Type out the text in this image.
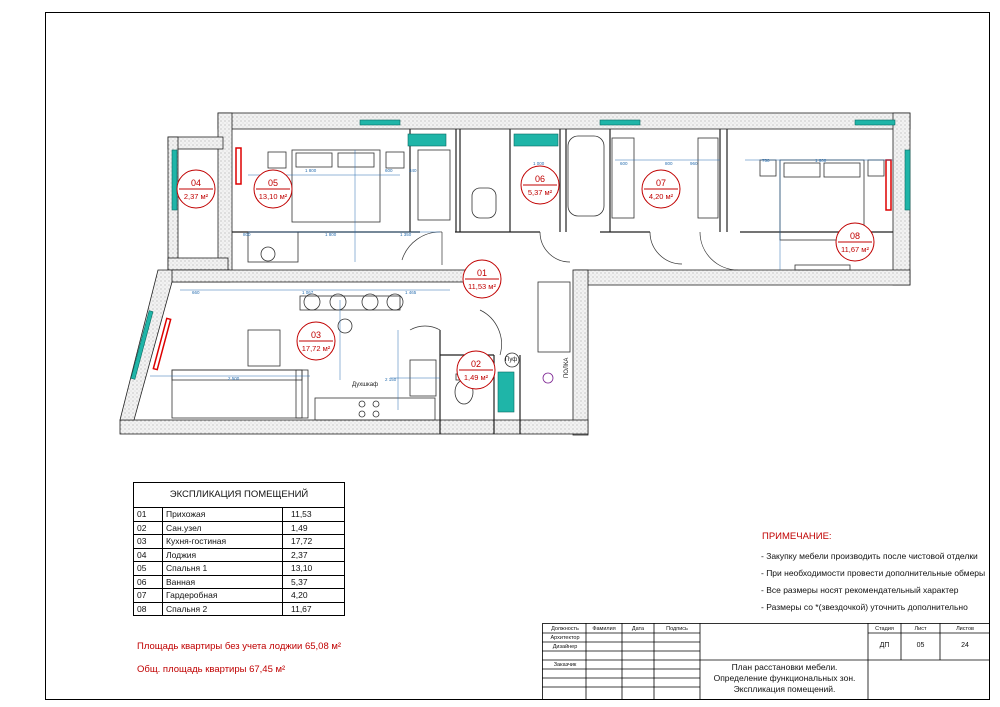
1 800	600	340
800	1 800	1 350
660	1 067	1 465
2 150
2 500
1 000	600	800	960
750	1 600
04
2,37 м²
05
13,10 м²
06
5,37 м²
07
4,20 м²
08
11,67 м²
01
11,53 м²
03
17,72 м²
02
1,49 м²
Духшкаф
Пуф	ПОЛКА
ЭКСПЛИКАЦИЯ ПОМЕЩЕНИЙ		
01	Прихожая	11,53
02	Сан.узел	1,49
03	Кухня-гостиная	17,72
04	Лоджия	2,37
05	Спальня 1	13,10
06	Ванная	5,37
07	Гардеробная	4,20
08	Спальня 2	11,67
Площадь квартиры без учета лоджии 65,08 м²
Общ. площадь квартиры 67,45 м²
ПРИМЕЧАНИЕ:
- Закупку мебели производить после чистовой отделки
- При необходимости провести дополнительные обмеры
- Все размеры носят рекомендательный характер
- Размеры со *(звездочкой) уточнить дополнительно
Должность	Фамилия	Дата	Подпись
Архитектор
Дизайнер
Заказчик
Стадия	Лист	Листов
ДП	05	24
План расстановки мебели. Определение функциональных зон. Экспликация помещений.
